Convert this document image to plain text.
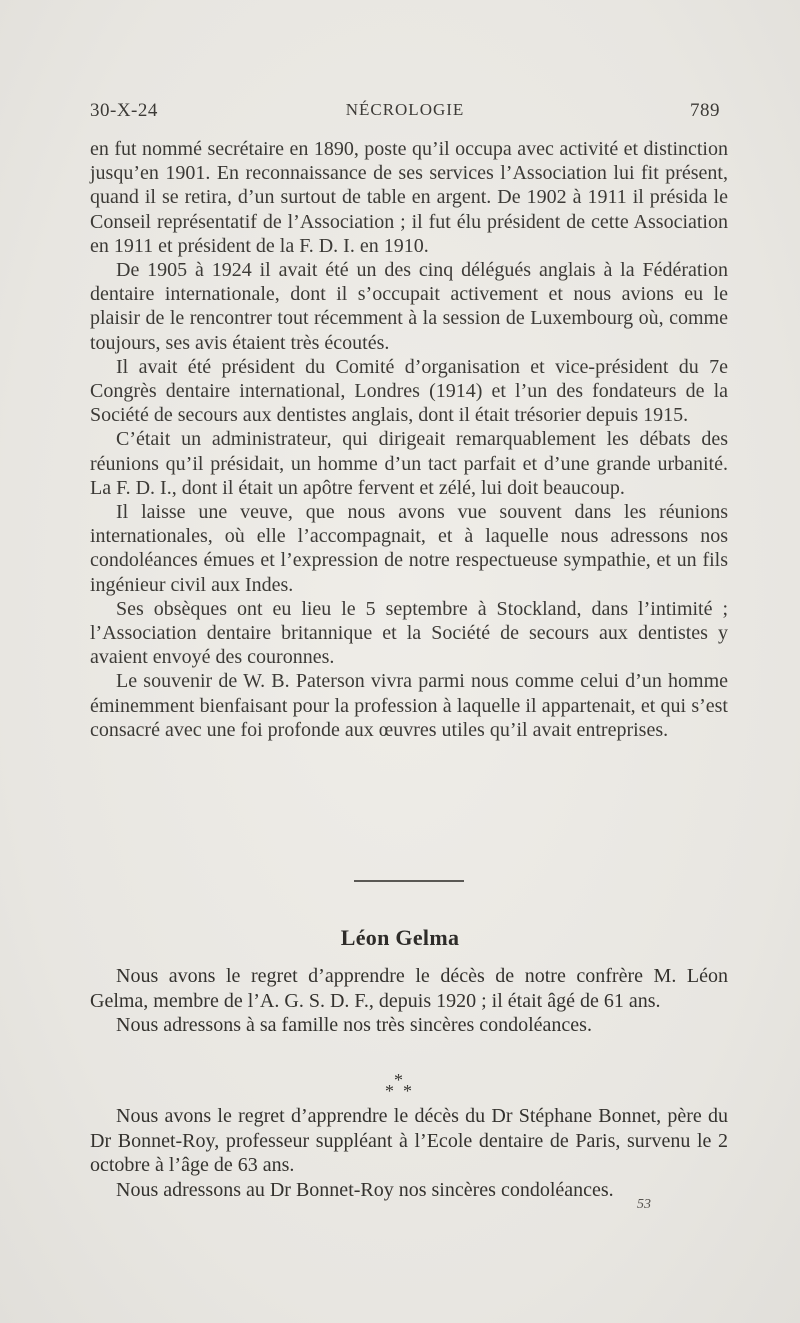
30-X-24	NÉCROLOGIE	789

en fut nommé secrétaire en 1890, poste qu’il occupa avec activité et distinction jusqu’en 1901. En reconnaissance de ses services l’Association lui fit présent, quand il se retira, d’un surtout de table en argent. De 1902 à 1911 il présida le Conseil représentatif de l’Association ; il fut élu président de cette Association en 1911 et président de la F. D. I. en 1910.

De 1905 à 1924 il avait été un des cinq délégués anglais à la Fédération dentaire internationale, dont il s’occupait activement et nous avions eu le plaisir de le rencontrer tout récemment à la session de Luxembourg où, comme toujours, ses avis étaient très écoutés.

Il avait été président du Comité d’organisation et vice-président du 7e Congrès dentaire international, Londres (1914) et l’un des fondateurs de la Société de secours aux dentistes anglais, dont il était trésorier depuis 1915.

C’était un administrateur, qui dirigeait remarquablement les débats des réunions qu’il présidait, un homme d’un tact parfait et d’une grande urbanité. La F. D. I., dont il était un apôtre fervent et zélé, lui doit beaucoup.

Il laisse une veuve, que nous avons vue souvent dans les réunions internationales, où elle l’accompagnait, et à laquelle nous adressons nos condoléances émues et l’expression de notre respectueuse sympathie, et un fils ingénieur civil aux Indes.

Ses obsèques ont eu lieu le 5 septembre à Stockland, dans l’intimité ; l’Association dentaire britannique et la Société de secours aux dentistes y avaient envoyé des couronnes.

Le souvenir de W. B. Paterson vivra parmi nous comme celui d’un homme éminemment bienfaisant pour la profession à laquelle il appartenait, et qui s’est consacré avec une foi profonde aux œuvres utiles qu’il avait entreprises.

Léon Gelma

Nous avons le regret d’apprendre le décès de notre confrère M. Léon Gelma, membre de l’A. G. S. D. F., depuis 1920 ; il était âgé de 61 ans.

Nous adressons à sa famille nos très sincères condoléances.

*
* *

Nous avons le regret d’apprendre le décès du Dr Stéphane Bonnet, père du Dr Bonnet-Roy, professeur suppléant à l’Ecole dentaire de Paris, survenu le 2 octobre à l’âge de 63 ans.

Nous adressons au Dr Bonnet-Roy nos sincères condoléances.

53
